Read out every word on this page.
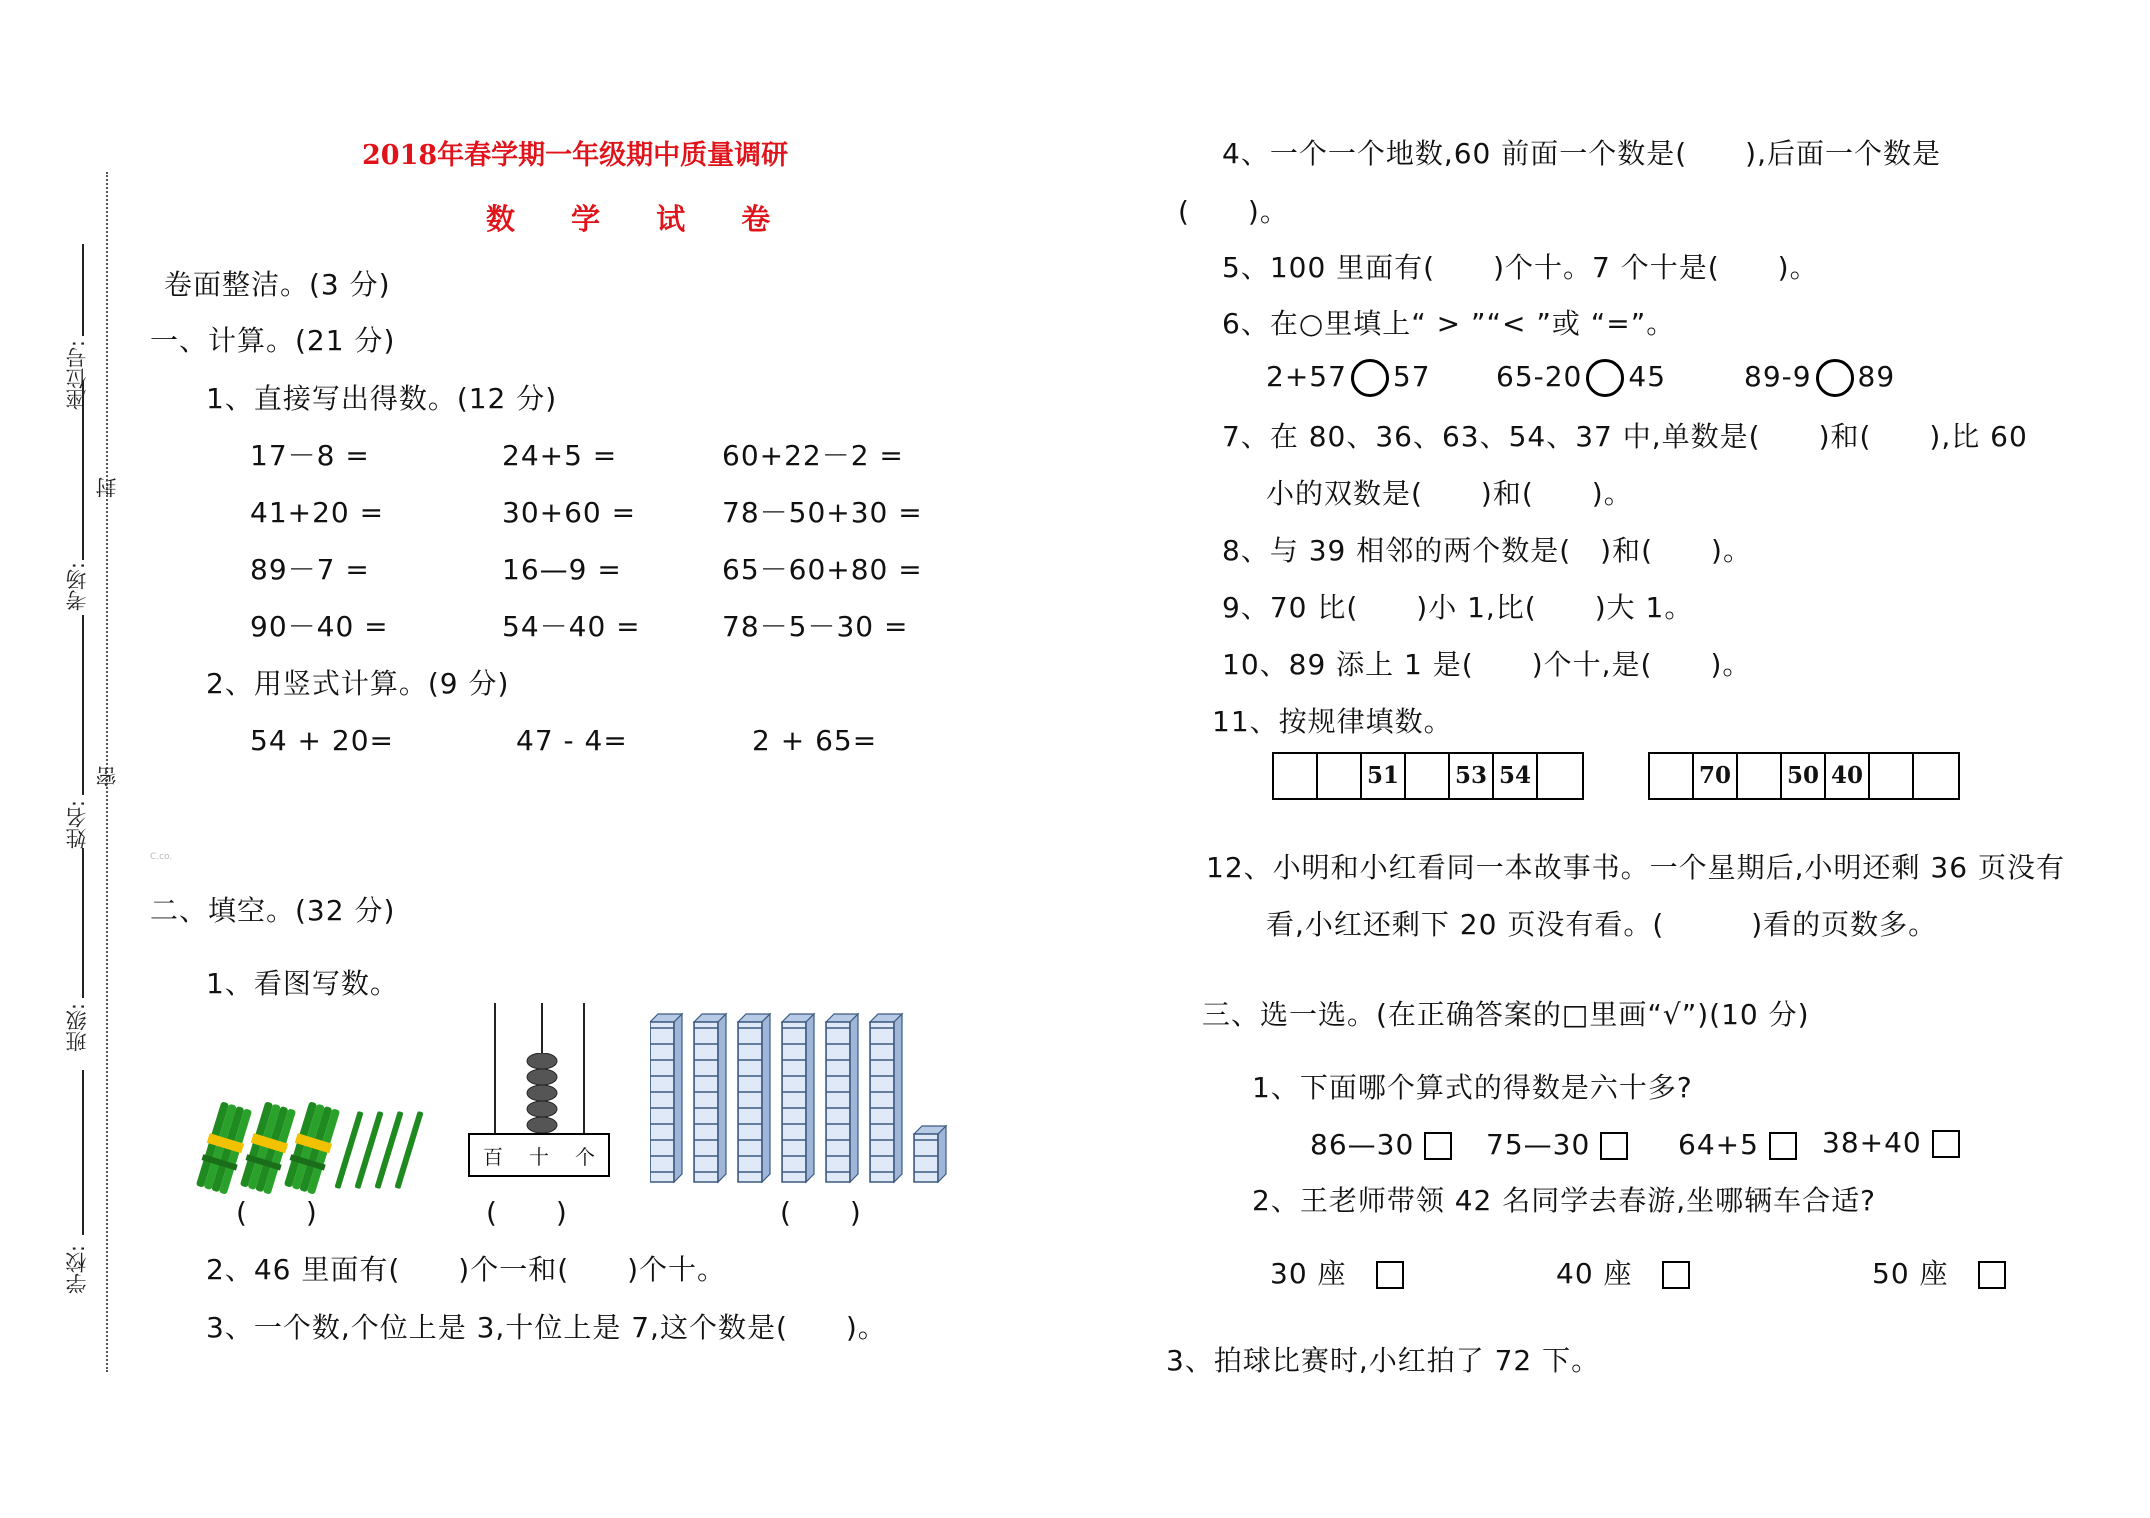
座位号:
封
考场:
密
姓名:
班级:
学校:
C.co.
2018年春学期一年级期中质量调研
数 学 试 卷
卷面整洁。(3 分)
一、计算。(21 分)
1、直接写出得数。(12 分)
17－8 =	24+5 =	60+22－2 =
41+20 =	30+60 =	78－50+30 =
89－7 =	16—9 =	65－60+80 =
90－40 =	54－40 =	78－5－30 =
2、用竖式计算。(9 分)
54 + 20=	47 - 4=	2 + 65=
二、填空。(32 分)
1、看图写数。
(　　)
百 十 个
(　　)	(　　)
2、46 里面有(　　)个一和(　　)个十。
3、一个数,个位上是 3,十位上是 7,这个数是(　　)。
4、一个一个地数,60 前面一个数是(　　),后面一个数是
(　　)。
5、100 里面有(　　)个十。7 个十是(　　)。
6、在○里填上“ > ”“< ”或 “=”。
2+57 57 65-20 45	89-9 89
7、在 80、36、63、54、37 中,单数是(　　)和(　　),比 60
小的双数是(　　)和(　　)。
8、与 39 相邻的两个数是(　)和(　　)。
9、70 比(　　)小 1,比(　　)大 1。
10、89 添上 1 是(　　)个十,是(　　)。
11、按规律填数。
51	53 54	70	50 40
12、小明和小红看同一本故事书。一个星期后,小明还剩 36 页没有
看,小红还剩下 20 页没有看。(　　　)看的页数多。
三、选一选。(在正确答案的□里画“√”)(10 分)
1、下面哪个算式的得数是六十多?
86—30	75—30	64+5	38+40
2、王老师带领 42 名同学去春游,坐哪辆车合适?
30 座	40 座	50 座
3、拍球比赛时,小红拍了 72 下。
